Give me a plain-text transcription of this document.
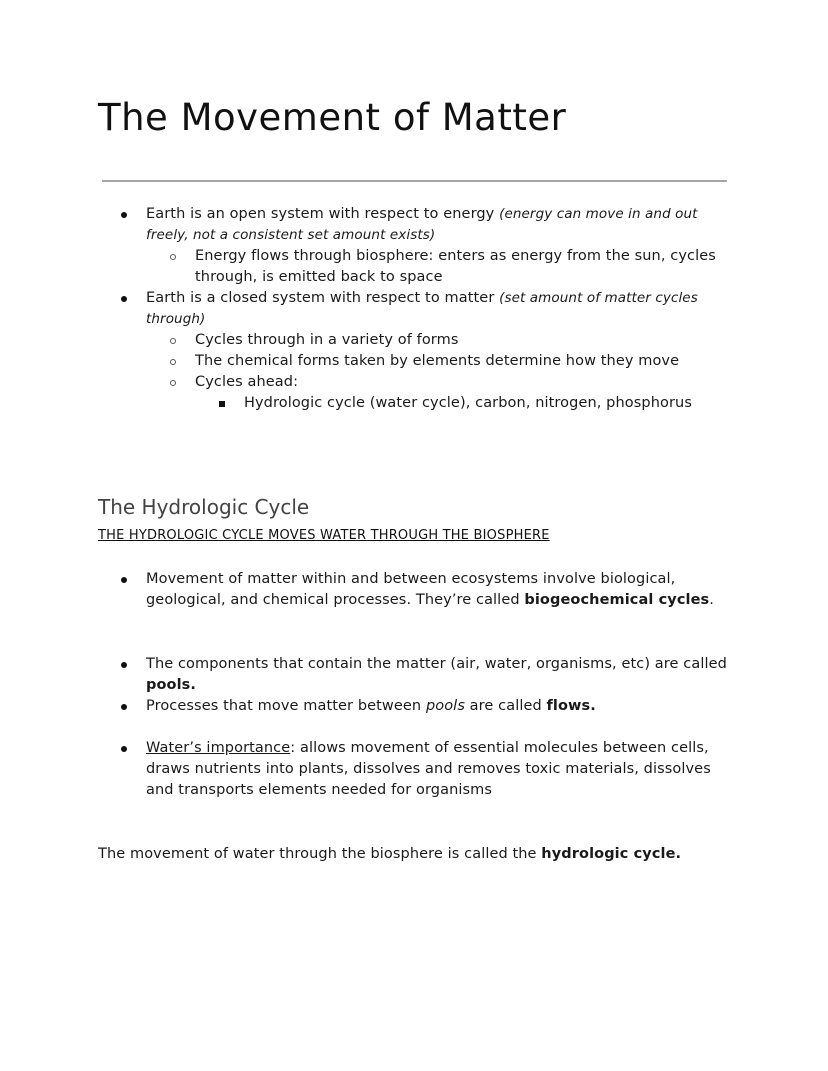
The Movement of Matter
Earth is an open system with respect to energy (energy can move in and out freely, not a consistent set amount exists)
Energy flows through biosphere: enters as energy from the sun, cycles through, is emitted back to space
Earth is a closed system with respect to matter (set amount of matter cycles through)
Cycles through in a variety of forms
The chemical forms taken by elements determine how they move
Cycles ahead:
Hydrologic cycle (water cycle), carbon, nitrogen, phosphorus
The Hydrologic Cycle
THE HYDROLOGIC CYCLE MOVES WATER THROUGH THE BIOSPHERE
Movement of matter within and between ecosystems involve biological, geological, and chemical processes. They’re called biogeochemical cycles.
The components that contain the matter (air, water, organisms, etc) are called pools.
Processes that move matter between pools are called flows.
Water’s importance: allows movement of essential molecules between cells, draws nutrients into plants, dissolves and removes toxic materials, dissolves and transports elements needed for organisms

The movement of water through the biosphere is called the hydrologic cycle.
